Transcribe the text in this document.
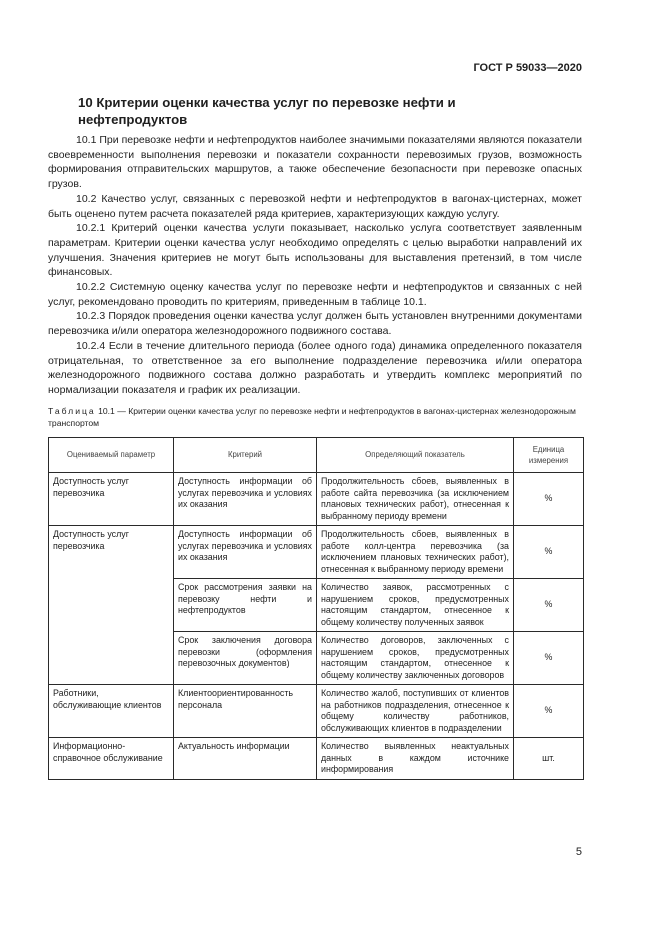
ГОСТ Р 59033—2020
10 Критерии оценки качества услуг по перевозке нефти и нефтепродуктов

10.1 При перевозке нефти и нефтепродуктов наиболее значимыми показателями являются показатели своевременности выполнения перевозки и показатели сохранности перевозимых грузов, возможность формирования отправительских маршрутов, а также обеспечение безопасности при перевозке опасных грузов.

10.2 Качество услуг, связанных с перевозкой нефти и нефтепродуктов в вагонах-цистернах, может быть оценено путем расчета показателей ряда критериев, характеризующих каждую услугу.

10.2.1 Критерий оценки качества услуги показывает, насколько услуга соответствует заявленным параметрам. Критерии оценки качества услуг необходимо определять с целью выработки направлений их улучшения. Значения критериев не могут быть использованы для выставления претензий, в том числе финансовых.

10.2.2 Системную оценку качества услуг по перевозке нефти и нефтепродуктов и связанных с ней услуг, рекомендовано проводить по критериям, приведенным в таблице 10.1.

10.2.3 Порядок проведения оценки качества услуг должен быть установлен внутренними документами перевозчика и/или оператора железнодорожного подвижного состава.

10.2.4 Если в течение длительного периода (более одного года) динамика определенного показателя отрицательная, то ответственное за его выполнение подразделение перевозчика и/или оператора железнодорожного подвижного состава должно разработать и утвердить комплекс мероприятий по нормализации показателя и график их реализации.

Таблица 10.1 — Критерии оценки качества услуг по перевозке нефти и нефтепродуктов в вагонах-цистернах железнодорожным транспортом
Оцениваемый параметр	Критерий	Определяющий показатель	Единица измерения
Доступность услуг перевозчика	Доступность информации об услугах перевозчика и условиях их оказания	Продолжительность сбоев, выявленных в работе сайта перевозчика (за исключением плановых технических работ), отнесенная к выбранному периоду времени	%
Доступность услуг перевозчика	Доступность информации об услугах перевозчика и условиях их оказания	Продолжительность сбоев, выявленных в работе колл-центра перевозчика (за исключением плановых технических работ), отнесенная к выбранному периоду времени	%
	Срок рассмотрения заявки на перевозку нефти и нефтепродуктов	Количество заявок, рассмотренных с нарушением сроков, предусмотренных настоящим стандартом, отнесенное к общему количеству полученных заявок	%
	Срок заключения договора перевозки (оформления перевозочных документов)	Количество договоров, заключенных с нарушением сроков, предусмотренных настоящим стандартом, отнесенное к общему количеству заключенных договоров	%
Работники, обслуживающие клиентов	Клиентоориентированность персонала	Количество жалоб, поступивших от клиентов на работников подразделения, отнесенное к общему количеству работников, обслуживающих клиентов в подразделении	%
Информационно-справочное обслуживание	Актуальность информации	Количество выявленных неактуальных данных в каждом источнике информирования	шт.
5
